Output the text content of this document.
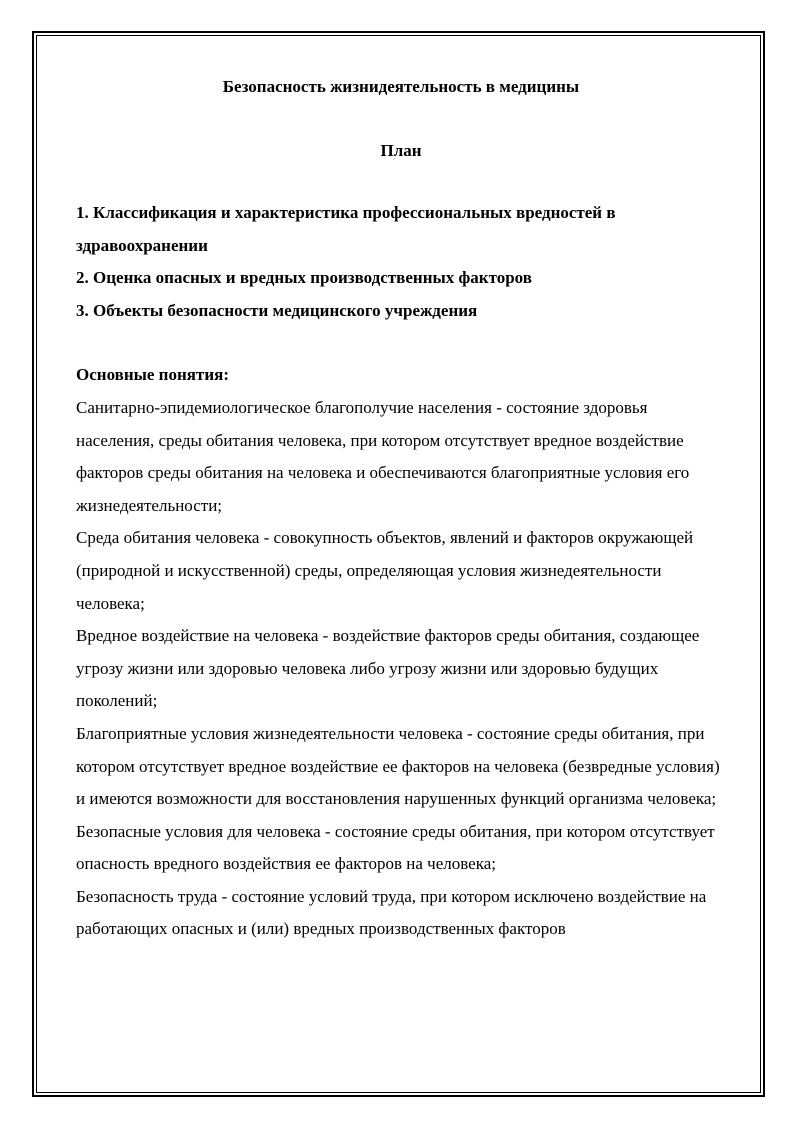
Безопасность жизнидеятельность в медицины
План
1. Классификация и характеристика профессиональных вредностей в здравоохранении
2. Оценка опасных и вредных производственных факторов
3. Объекты безопасности медицинского учреждения
Основные понятия:
Санитарно-эпидемиологическое благополучие населения - состояние здоровья населения, среды обитания человека, при котором отсутствует вредное воздействие факторов среды обитания на человека и обеспечиваются благоприятные условия его жизнедеятельности;
Среда обитания человека - совокупность объектов, явлений и факторов окружающей (природной и искусственной) среды, определяющая условия жизнедеятельности человека;
Вредное воздействие на человека - воздействие факторов среды обитания, создающее угрозу жизни или здоровью человека либо угрозу жизни или здоровью будущих поколений;
Благоприятные условия жизнедеятельности человека - состояние среды обитания, при котором отсутствует вредное воздействие ее факторов на человека (безвредные условия) и имеются возможности для восстановления нарушенных функций организма человека;
Безопасные условия для человека - состояние среды обитания, при котором отсутствует опасность вредного воздействия ее факторов на человека;
Безопасность труда - состояние условий труда, при котором исключено воздействие на работающих опасных и (или) вредных производственных факторов
